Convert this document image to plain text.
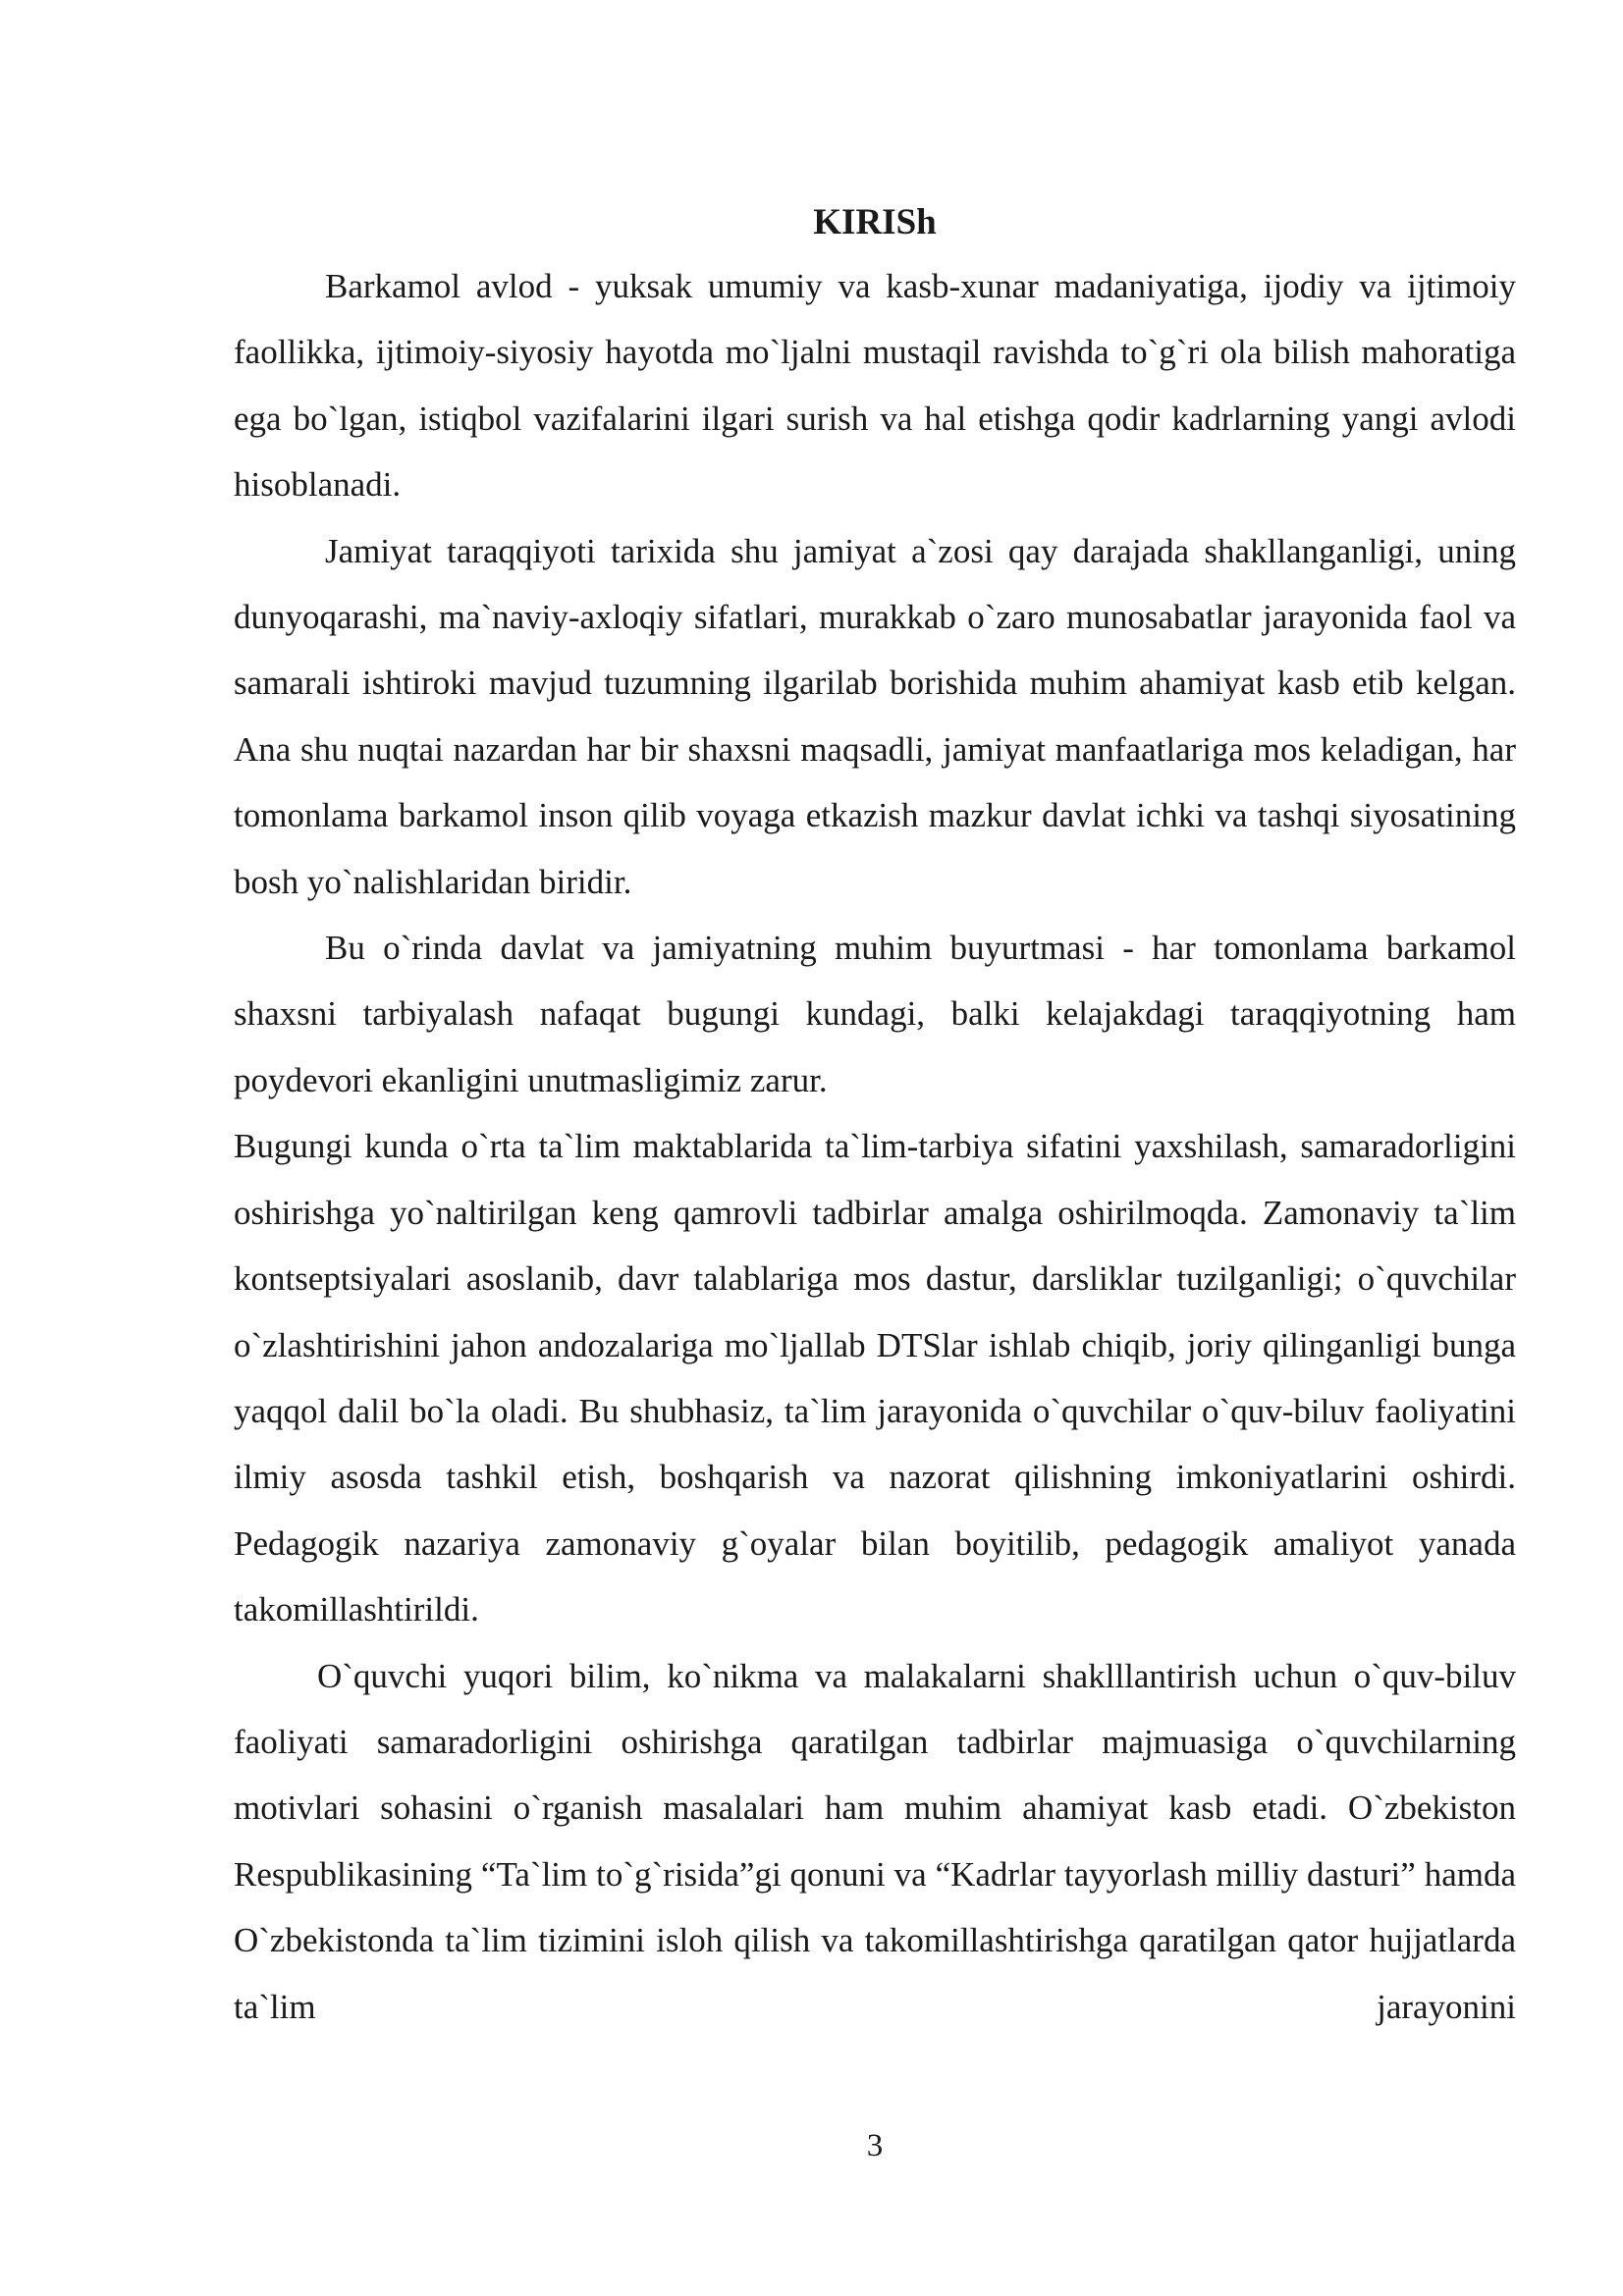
KIRISh

Barkamol avlod - yuksak umumiy va kasb-xunar madaniyatiga, ijodiy va ijtimoiy faollikka, ijtimoiy-siyosiy hayotda mo`ljalni mustaqil ravishda to`g`ri ola bilish mahoratiga ega bo`lgan, istiqbol vazifalarini ilgari surish va hal etishga qodir kadrlarning yangi avlodi hisoblanadi.

Jamiyat taraqqiyoti tarixida shu jamiyat a`zosi qay darajada shakllanganligi, uning dunyoqarashi, ma`naviy-axloqiy sifatlari, murakkab o`zaro munosabatlar jarayonida faol va samarali ishtiroki mavjud tuzumning ilgarilab borishida muhim ahamiyat kasb etib kelgan. Ana shu nuqtai nazardan har bir shaxsni maqsadli, jamiyat manfaatlariga mos keladigan, har tomonlama barkamol inson qilib voyaga etkazish mazkur davlat ichki va tashqi siyosatining bosh yo`nalishlaridan biridir.

Bu o`rinda davlat va jamiyatning muhim buyurtmasi - har tomonlama barkamol shaxsni tarbiyalash nafaqat bugungi kundagi, balki kelajakdagi taraqqiyotning ham poydevori ekanligini unutmasligimiz zarur.

Bugungi kunda o`rta ta`lim maktablarida ta`lim-tarbiya sifatini yaxshilash, samaradorligini oshirishga yo`naltirilgan keng qamrovli tadbirlar amalga oshirilmoqda. Zamonaviy ta`lim kontseptsiyalari asoslanib, davr talablariga mos dastur, darsliklar tuzilganligi; o`quvchilar o`zlashtirishini jahon andozalariga mo`ljallab DTSlar ishlab chiqib, joriy qilinganligi bunga yaqqol dalil bo`la oladi. Bu shubhasiz, ta`lim jarayonida o`quvchilar o`quv-biluv faoliyatini ilmiy asosda tashkil etish, boshqarish va nazorat qilishning imkoniyatlarini oshirdi. Pedagogik nazariya zamonaviy g`oyalar bilan boyitilib, pedagogik amaliyot yanada takomillashtirildi.

O`quvchi yuqori bilim, ko`nikma va malakalarni shaklllantirish uchun o`quv-biluv faoliyati samaradorligini oshirishga qaratilgan tadbirlar majmuasiga o`quvchilarning motivlari sohasini o`rganish masalalari ham muhim ahamiyat kasb etadi. O`zbekiston Respublikasining “Ta`lim to`g`risida”gi qonuni va “Kadrlar tayyorlash milliy dasturi” hamda O`zbekistonda ta`lim tizimini isloh qilish va takomillashtirishga qaratilgan qator hujjatlarda ta`lim jarayonini

3
